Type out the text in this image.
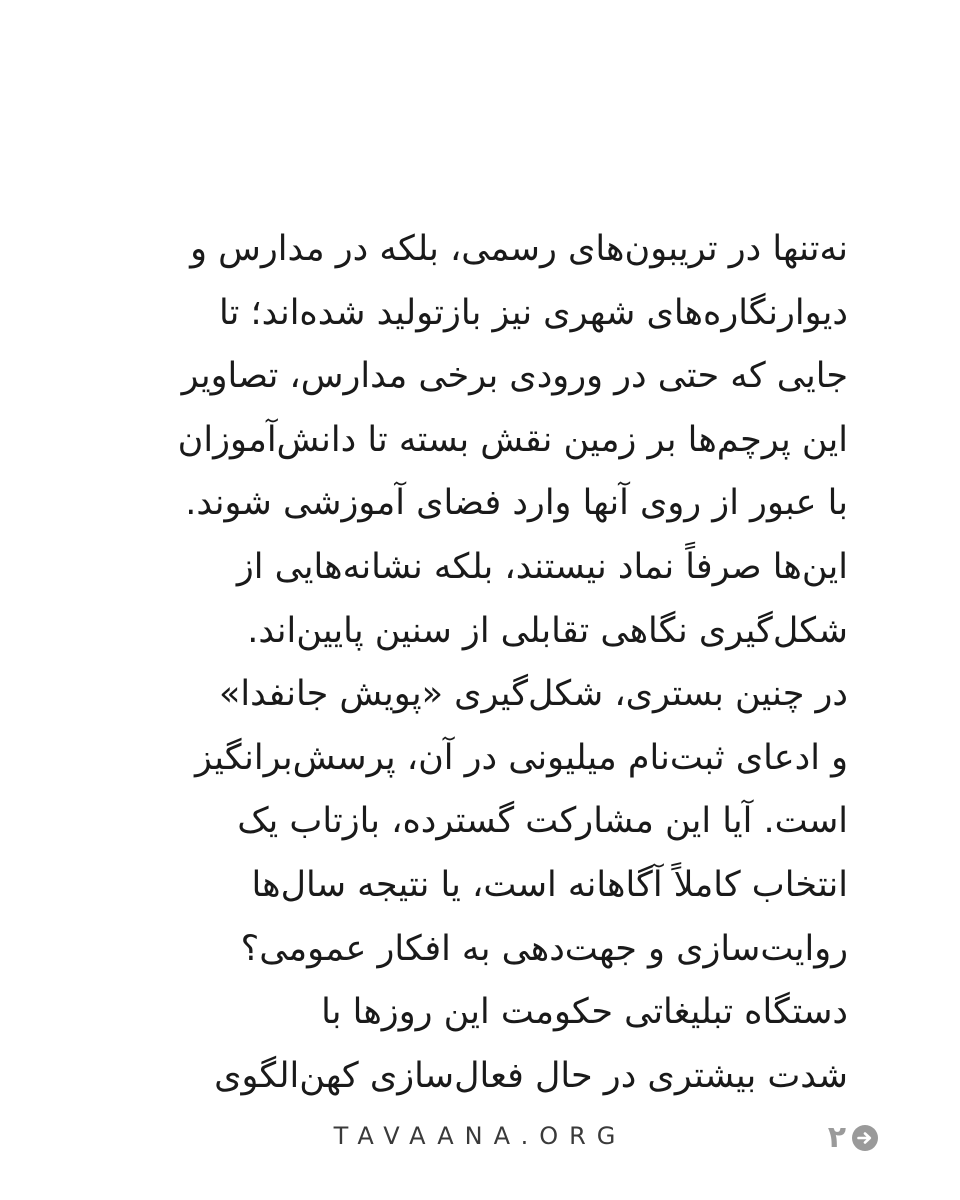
نه‌تنها در تریبون‌های رسمی، بلکه در مدارس و
دیوارنگاره‌های شهری نیز بازتولید شده‌اند؛ تا
جایی که حتی در ورودی برخی مدارس، تصاویر
این پرچم‌ها بر زمین نقش بسته تا دانش‌آموزان
با عبور از روی آنها وارد فضای آموزشی شوند.
این‌ها صرفاً نماد نیستند، بلکه نشانه‌هایی از
شکل‌گیری نگاهی تقابلی از سنین پایین‌اند.
در چنین بستری، شکل‌گیری «پویش جانفدا»
و ادعای ثبت‌نام میلیونی در آن، پرسش‌برانگیز
است. آیا این مشارکت گسترده، بازتاب یک
انتخاب کاملاً آگاهانه است، یا نتیجه سال‌ها
روایت‌سازی و جهت‌دهی به افکار عمومی؟
دستگاه تبلیغاتی حکومت این روزها با
شدت بیشتری در حال فعال‌سازی کهن‌الگوی
TAVAANA.ORG	۲
